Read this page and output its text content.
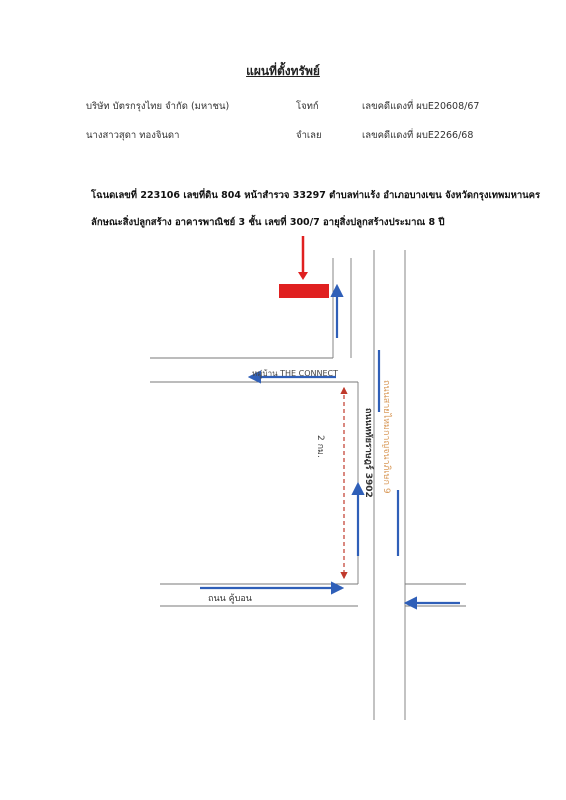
แผนที่ตั้งทรัพย์
บริษัท บัตรกรุงไทย จำกัด (มหาชน)	โจทก์	เลขคดีแดงที่ ผบE20608/67
นางสาวสุดา ทองจินดา	จำเลย	เลขคดีแดงที่ ผบE2266/68
โฉนดเลขที่ 223106 เลขที่ดิน 804 หน้าสำรวจ 33297 ตำบลท่าแร้ง อำเภอบางเขน จังหวัดกรุงเทพมหานคร
ลักษณะสิ่งปลูกสร้าง อาคารพาณิชย์ 3 ชั้น เลขที่ 300/7 อายุสิ่งปลูกสร้างประมาณ 8 ปี
2 กม.
หมู่บ้าน THE CONNECT
ถนนหทัยราษฎร์ 3902 ถนนสายไหมกาญจนาภิเษก 9
ถนน คู้บอน
